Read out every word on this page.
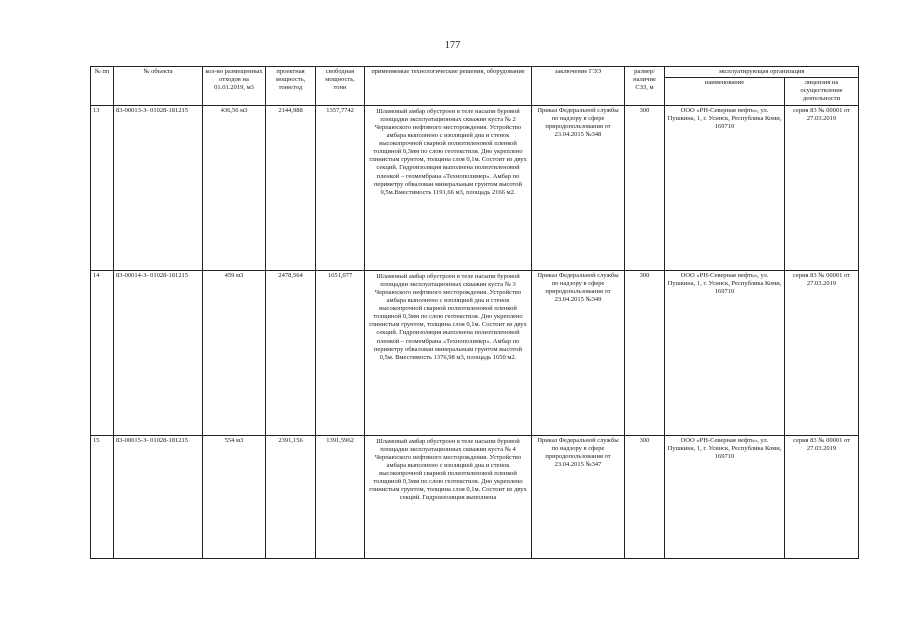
177
№ пп	№ объекта	кол-во размещенных отходов на 01.01.2019, м3	проектная мощность, тонн/год	свободная мощность, тонн	применяемые технологические решения, оборудование	заключение ГЭЭ	размер/ наличие СЗЗ, м	эксплуатирующая организация	
								наименование	лицензия на осуществление деятельности
13	83-00013-З- 01028-181215	436,56 м3	2144,988	1357,7742	Шламовый амбар обустроен в теле насыпи буровой площадки эксплуатационных скважин куста № 2 Черпаюского нефтяного месторождения. Устройство амбара выполнено с изоляцией дна и стенок высокопрочной сварной полиэтиленовой пленкой толщиной 0,3мм по слою геотекстиля. Дно укреплено глинистым грунтом, толщина слоя 0,1м. Состоит из двух секций. Гидроизоляция выполнена полиэтиленовой пленкой – геомембрана «Технополимер». Амбар по периметру обвалован минеральным грунтом высотой 0,5м.Вместимость 1191,66 м3, площадь 2166 м2.	Приказ Федеральной службы по надзору в сфере природопользования от 23.04.2015 №348	300	ООО «РН-Северная нефть», ул. Пушкина, 1, г. Усинск, Республика Коми, 169710	серия 83 № 00001 от 27.03.2019
14	83-00014-З- 01028-181215	459 м3	2478,564	1651,077	Шламовый амбар обустроен в теле насыпи буровой площадки эксплуатационных скважин куста № 3 Черпаюского нефтяного месторождения. Устройство амбара выполнено с изоляцией дна и стенок высокопрочной сварной полиэтиленовой пленкой толщиной 0,3мм по слою геотекстиля. Дно укреплено глинистым грунтом, толщина слоя 0,1м. Состоит из двух секций. Гидроизоляция выполнена полиэтиленовой пленкой – геомембрана «Технополимер». Амбар по периметру обвалован минеральным грунтом высотой 0,5м. Вместимость 1376,98 м3, площадь 1650 м2.	Приказ Федеральной службы по надзору в сфере природопользования от 23.04.2015 №349	300	ООО «РН-Северная нефть», ул. Пушкина, 1, г. Усинск, Республика Коми, 169710	серия 83 № 00001 от 27.03.2019
15	83-00015-З- 01028-181215	554 м3	2391,156	1391,5962	Шламовый амбар обустроен в теле насыпи буровой площадки эксплуатационных скважин куста № 4 Черпаюского нефтяного месторождения. Устройство амбара выполнено с изоляцией дна и стенок высокопрочной сварной полиэтиленовой пленкой толщиной 0,3мм по слою геотекстиля. Дно укреплено глинистым грунтом, толщина слоя 0,1м. Состоит из двух секций. Гидроизоляция выполнена	Приказ Федеральной службы по надзору в сфере природопользования от 23.04.2015 №347	300	ООО «РН-Северная нефть», ул. Пушкина, 1, г. Усинск, Республика Коми, 169710	серия 83 № 00001 от 27.03.2019
